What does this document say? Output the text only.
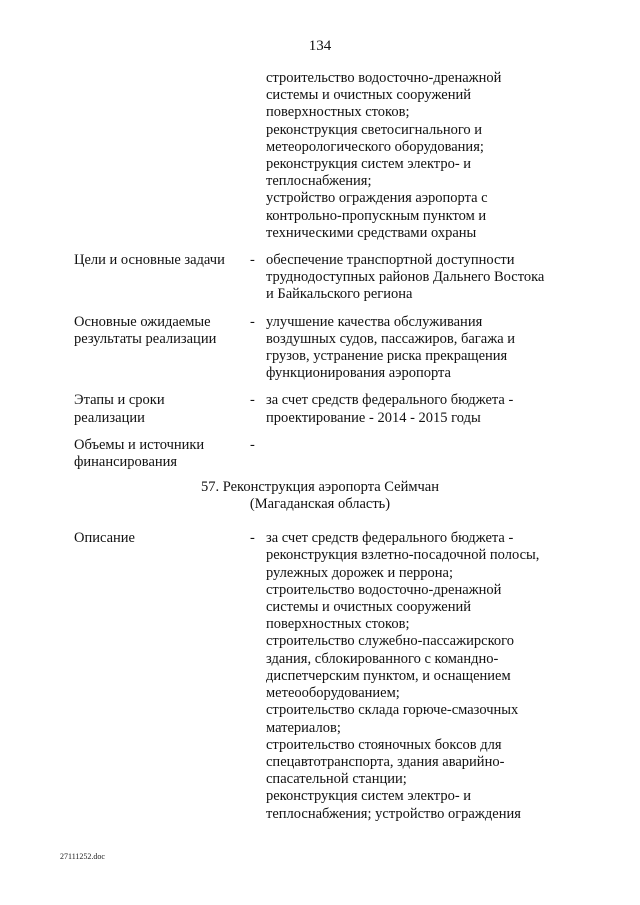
134
строительство водосточно-дренажной
системы и очистных сооружений
поверхностных стоков;
реконструкция светосигнального и
метеорологического оборудования;
реконструкция систем электро- и
теплоснабжения;
устройство ограждения аэропорта с
контрольно-пропускным пунктом и
техническими средствами охраны
Цели и основные задачи	- обеспечение транспортной доступности
труднодоступных районов Дальнего Востока
и Байкальского региона
Основные ожидаемые
результаты реализации
- улучшение качества обслуживания
воздушных судов, пассажиров, багажа и
грузов, устранение риска прекращения
функционирования аэропорта
Этапы и сроки
реализации
- за счет средств федерального бюджета -
проектирование - 2014 - 2015 годы
Объемы и источники
финансирования
-
57. Реконструкция аэропорта Сеймчан
(Магаданская область)
Описание	- за счет средств федерального бюджета -
реконструкция взлетно-посадочной полосы,
рулежных дорожек и перрона;
строительство водосточно-дренажной
системы и очистных сооружений
поверхностных стоков;
строительство служебно-пассажирского
здания, сблокированного с командно-
диспетчерским пунктом, и оснащением
метеооборудованием;
строительство склада горюче-смазочных
материалов;
строительство стояночных боксов для
спецавтотранспорта, здания аварийно-
спасательной станции;
реконструкция систем электро- и
теплоснабжения; устройство ограждения
27111252.doc
